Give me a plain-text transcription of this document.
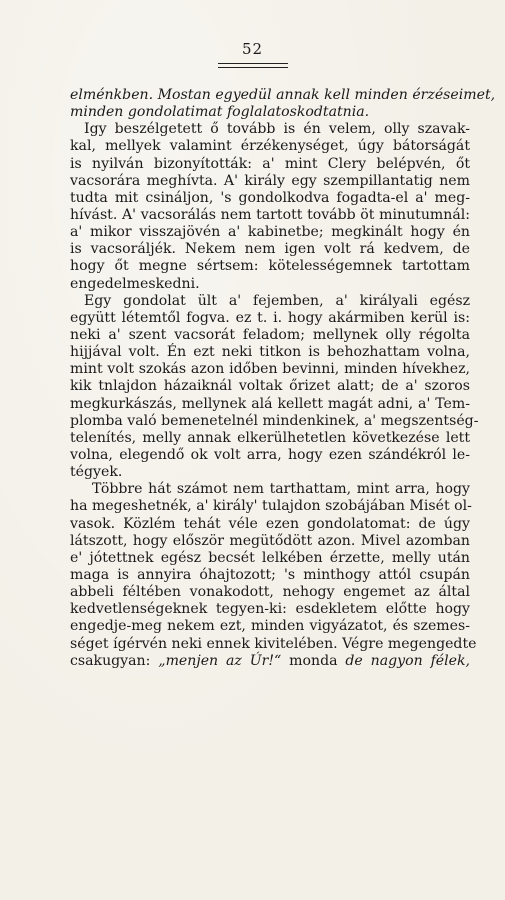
52
elménkben. Mostan egyedül annak kell minden érzéseimet,
minden gondolatimat foglalatoskodtatnia.
Igy beszélgetett ő tovább is én velem, olly szavak-
kal, mellyek valamint érzékenységet, úgy bátorságát
is nyilván bizonyították: a' mint Clery belépvén, őt
vacsorára meghívta. A' király egy szempillantatig nem
tudta mit csináljon, 's gondolkodva fogadta-el a' meg-
hívást. A' vacsorálás nem tartott tovább öt minutumnál:
a' mikor visszajövén a' kabinetbe; megkinált hogy én
is vacsoráljék. Nekem nem igen volt rá kedvem, de
hogy őt megne sértsem: kötelességemnek tartottam
engedelmeskedni.
Egy gondolat ült a' fejemben, a' királyali egész
együtt létemtől fogva. ez t. i. hogy akármiben kerül is:
neki a' szent vacsorát feladom; mellynek olly régolta
hijjával volt. Én ezt neki titkon is behozhattam volna,
mint volt szokás azon időben bevinni, minden hívekhez,
kik tnlajdon házaiknál voltak őrizet alatt; de a' szoros
megkurkászás, mellynek alá kellett magát adni, a' Tem-
plomba való bemenetelnél mindenkinek, a' megszentség-
telenítés, melly annak elkerülhetetlen következése lett
volna, elegendő ok volt arra, hogy ezen szándékról le-
tégyek.
Többre hát számot nem tarthattam, mint arra, hogy
ha megeshetnék, a' király' tulajdon szobájában Misét ol-
vasok. Közlém tehát véle ezen gondolatomat: de úgy
látszott, hogy először megütődött azon. Mivel azomban
e' jótettnek egész becsét lelkében érzette, melly után
maga is annyira óhajtozott; 's minthogy attól csupán
abbeli féltében vonakodott, nehogy engemet az által
kedvetlenségeknek tegyen-ki: esdekletem előtte hogy
engedje-meg nekem ezt, minden vigyázatot, és szemes-
séget ígérvén neki ennek kivitelében. Végre megengedte
csakugyan: „menjen az Úr!“ monda de nagyon félek,
